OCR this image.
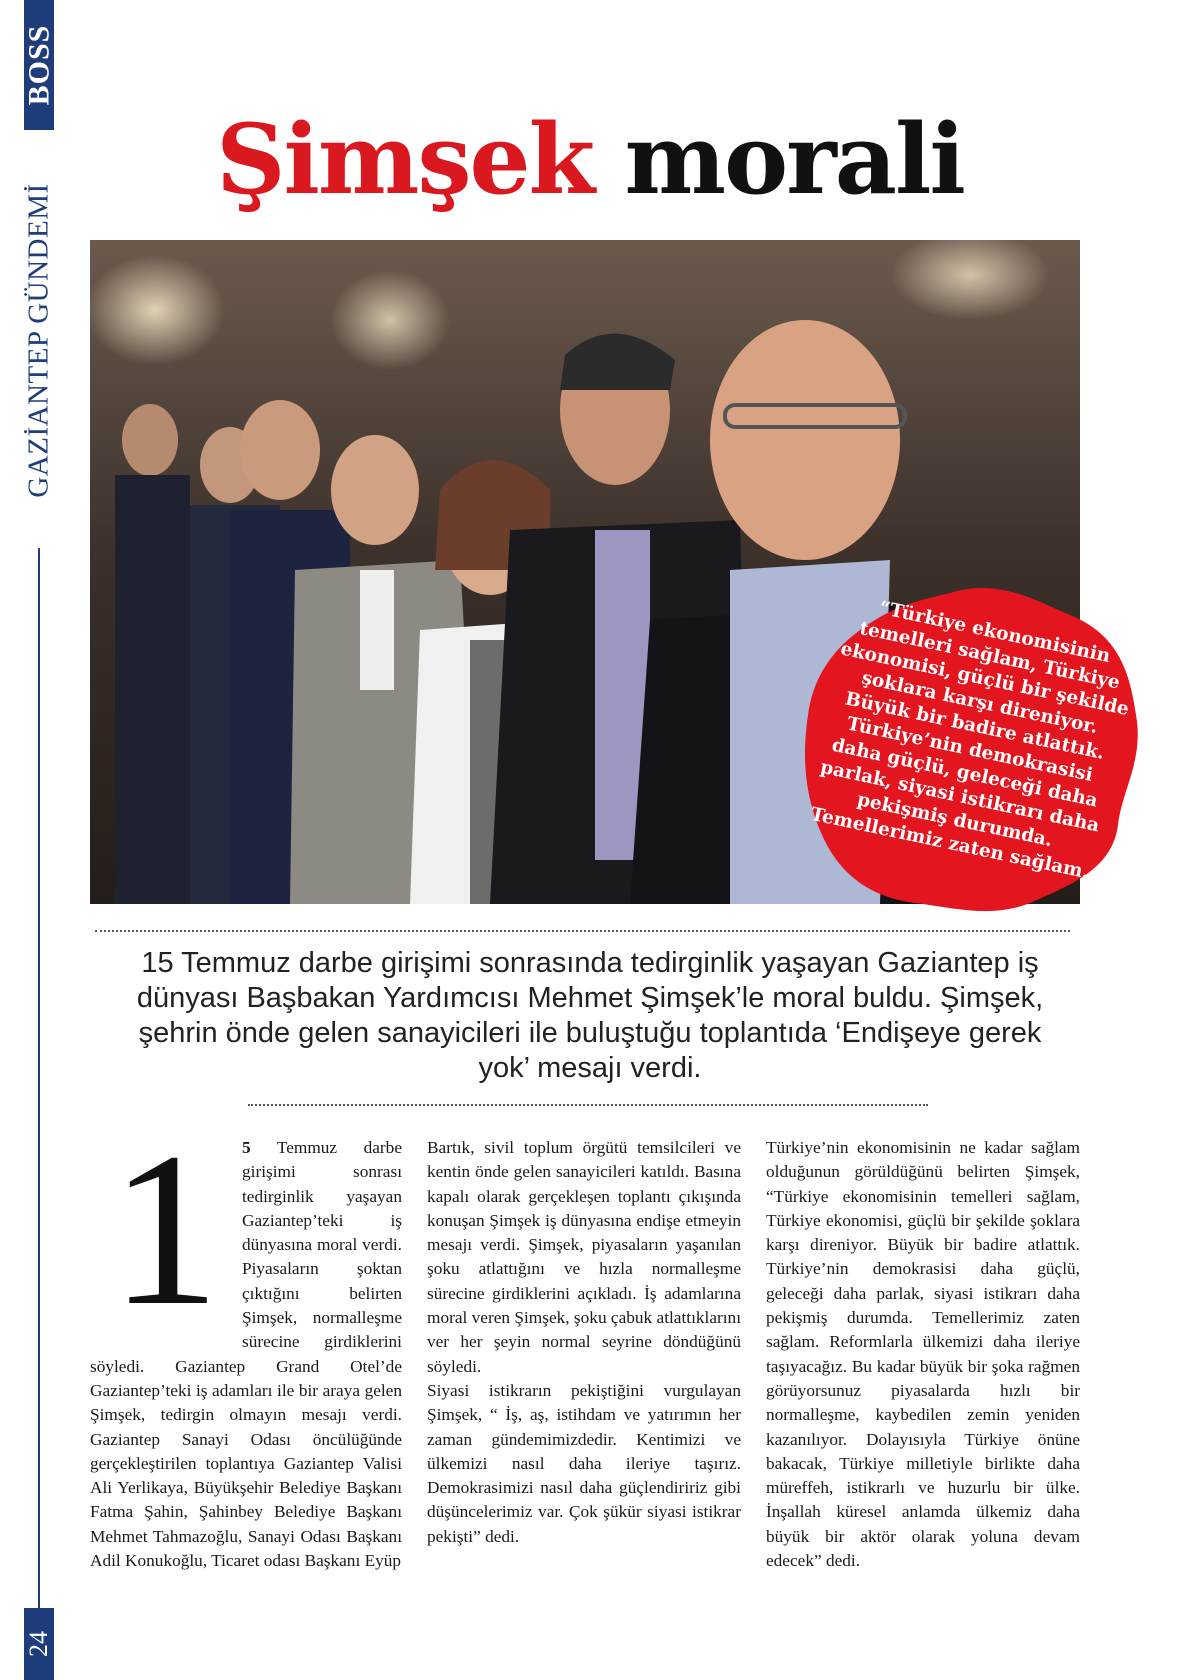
BOSS
GAZİANTEP GÜNDEMİ
24
Şimşek morali
“Türkiye ekonomisinin temelleri sağlam, Türkiye ekonomisi, güçlü bir şekilde şoklara karşı direniyor. Büyük bir badire atlattık. Türkiye’nin demokrasisi daha güçlü, geleceği daha parlak, siyasi istikrarı daha pekişmiş durumda. Temellerimiz zaten sağlam.
15 Temmuz darbe girişimi sonrasında tedirginlik yaşayan Gaziantep iş dünyası Başbakan Yardımcısı Mehmet Şimşek’le moral buldu. Şimşek, şehrin önde gelen sanayicileri ile buluştuğu toplantıda ‘Endişeye gerek yok’ mesajı verdi.
1	5 Temmuz darbe girişimi sonrası tedirginlik yaşayan Gaziantep’teki iş dünyasına moral verdi. Piyasaların şoktan çıktığını belirten Şimşek, normalleşme sürecine girdiklerini söyledi. Gaziantep Grand Otel’de Gaziantep’teki iş adamları ile bir araya gelen Şimşek, tedirgin olmayın mesajı verdi. Gaziantep Sanayi Odası öncülüğünde gerçekleştirilen toplantıya Gaziantep Valisi Ali Yerlikaya, Büyükşehir Belediye Başkanı Fatma Şahin, Şahinbey Belediye Başkanı Mehmet Tahmazoğlu, Sanayi Odası Başkanı Adil Konukoğlu, Ticaret odası Başkanı Eyüp

Bartık, sivil toplum örgütü temsilcileri ve kentin önde gelen sanayicileri katıldı. Basına kapalı olarak gerçekleşen toplantı çıkışında konuşan Şimşek iş dünyasına endişe etmeyin mesajı verdi. Şimşek, piyasaların yaşanılan şoku atlattığını ve hızla normalleşme sürecine girdiklerini açıkladı. İş adamlarına moral veren Şimşek, şoku çabuk atlattıklarını ver her şeyin normal seyrine döndüğünü söyledi.

Siyasi istikrarın pekiştiğini vurgulayan Şimşek, “ İş, aş, istihdam ve yatırımın her zaman gündemimizdedir. Kentimizi ve ülkemizi nasıl daha ileriye taşırız. Demokrasimizi nasıl daha güçlendiririz gibi düşüncelerimiz var. Çok şükür siyasi istikrar pekişti” dedi.

Türkiye’nin ekonomisinin ne kadar sağlam olduğunun görüldüğünü belirten Şimşek, “Türkiye ekonomisinin temelleri sağlam, Türkiye ekonomisi, güçlü bir şekilde şoklara karşı direniyor. Büyük bir badire atlattık. Türkiye’nin demokrasisi daha güçlü, geleceği daha parlak, siyasi istikrarı daha pekişmiş durumda. Temellerimiz zaten sağlam. Reformlarla ülkemizi daha ileriye taşıyacağız. Bu kadar büyük bir şoka rağmen görüyorsunuz piyasalarda hızlı bir normalleşme, kaybedilen zemin yeniden kazanılıyor. Dolayısıyla Türkiye önüne bakacak, Türkiye milletiyle birlikte daha müreffeh, istikrarlı ve huzurlu bir ülke. İnşallah küresel anlamda ülkemiz daha büyük bir aktör olarak yoluna devam edecek” dedi.
